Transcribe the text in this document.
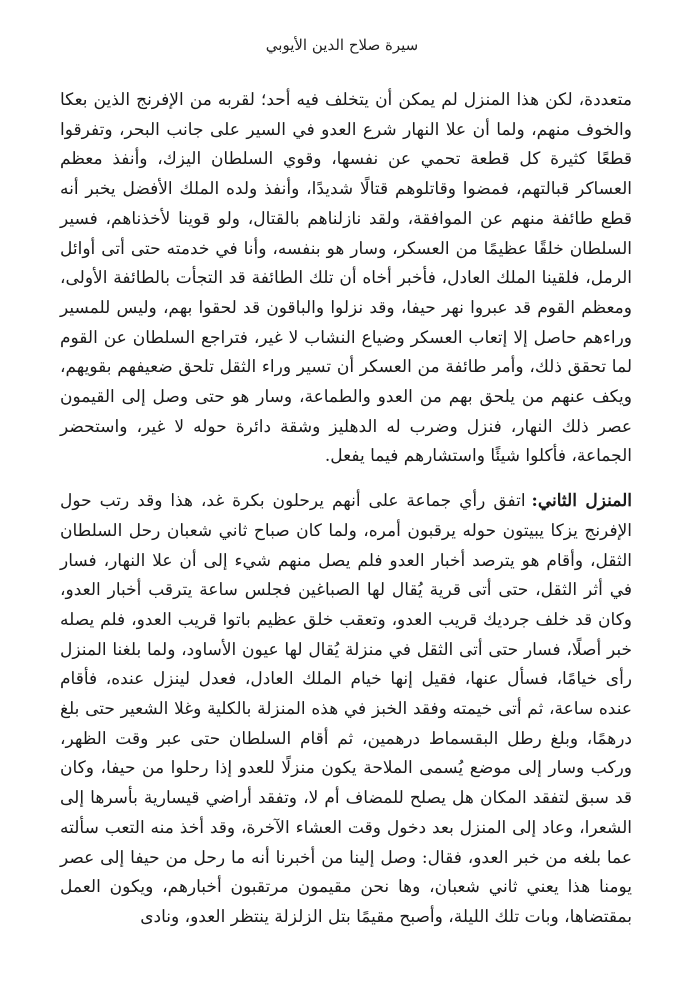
سيرة صلاح الدين الأيوبي

متعددة، لكن هذا المنزل لم يمكن أن يتخلف فيه أحد؛ لقربه من الإفرنج الذين بعكا والخوف منهم، ولما أن علا النهار شرع العدو في السير على جانب البحر، وتفرقوا قطعًا كثيرة كل قطعة تحمي عن نفسها، وقوي السلطان اليزك، وأنفذ معظم العساكر قبالتهم، فمضوا وقاتلوهم قتالًا شديدًا، وأنفذ ولده الملك الأفضل يخبر أنه قطع طائفة منهم عن الموافقة، ولقد نازلناهم بالقتال، ولو قوينا لأخذناهم، فسير السلطان خلقًا عظيمًا من العسكر، وسار هو بنفسه، وأنا في خدمته حتى أتى أوائل الرمل، فلقينا الملك العادل، فأخبر أخاه أن تلك الطائفة قد التجأت بالطائفة الأولى، ومعظم القوم قد عبروا نهر حيفا، وقد نزلوا والباقون قد لحقوا بهم، وليس للمسير وراءهم حاصل إلا إتعاب العسكر وضياع النشاب لا غير، فتراجع السلطان عن القوم لما تحقق ذلك، وأمر طائفة من العسكر أن تسير وراء الثقل تلحق ضعيفهم بقويهم، ويكف عنهم من يلحق بهم من العدو والطماعة، وسار هو حتى وصل إلى القيمون عصر ذلك النهار، فنزل وضرب له الدهليز وشقة دائرة حوله لا غير، واستحضر الجماعة، فأكلوا شيئًا واستشارهم فيما يفعل.

المنزل الثاني:اتفق رأي جماعة على أنهم يرحلون بكرة غد، هذا وقد رتب حول الإفرنج يزكا يبيتون حوله يرقبون أمره، ولما كان صباح ثاني شعبان رحل السلطان الثقل، وأقام هو يترصد أخبار العدو فلم يصل منهم شيء إلى أن علا النهار، فسار في أثر الثقل، حتى أتى قرية يُقال لها الصباغين فجلس ساعة يترقب أخبار العدو، وكان قد خلف جرديك قريب العدو، وتعقب خلق عظيم باتوا قريب العدو، فلم يصله خبر أصلًا، فسار حتى أتى الثقل في منزلة يُقال لها عيون الأساود، ولما بلغنا المنزل رأى خيامًا، فسأل عنها، فقيل إنها خيام الملك العادل، فعدل لينزل عنده، فأقام عنده ساعة، ثم أتى خيمته وفقد الخبز في هذه المنزلة بالكلية وغلا الشعير حتى بلغ درهمًا، وبلغ رطل البقسماط درهمين، ثم أقام السلطان حتى عبر وقت الظهر، وركب وسار إلى موضع يُسمى الملاحة يكون منزلًا للعدو إذا رحلوا من حيفا، وكان قد سبق لتفقد المكان هل يصلح للمضاف أم لا، وتفقد أراضي قيسارية بأسرها إلى الشعرا، وعاد إلى المنزل بعد دخول وقت العشاء الآخرة، وقد أخذ منه التعب سألته عما بلغه من خبر العدو، فقال: وصل إلينا من أخبرنا أنه ما رحل من حيفا إلى عصر يومنا هذا يعني ثاني شعبان، وها نحن مقيمون مرتقبون أخبارهم، ويكون العمل بمقتضاها، وبات تلك الليلة، وأصبح مقيمًا بتل الزلزلة ينتظر العدو، ونادى
